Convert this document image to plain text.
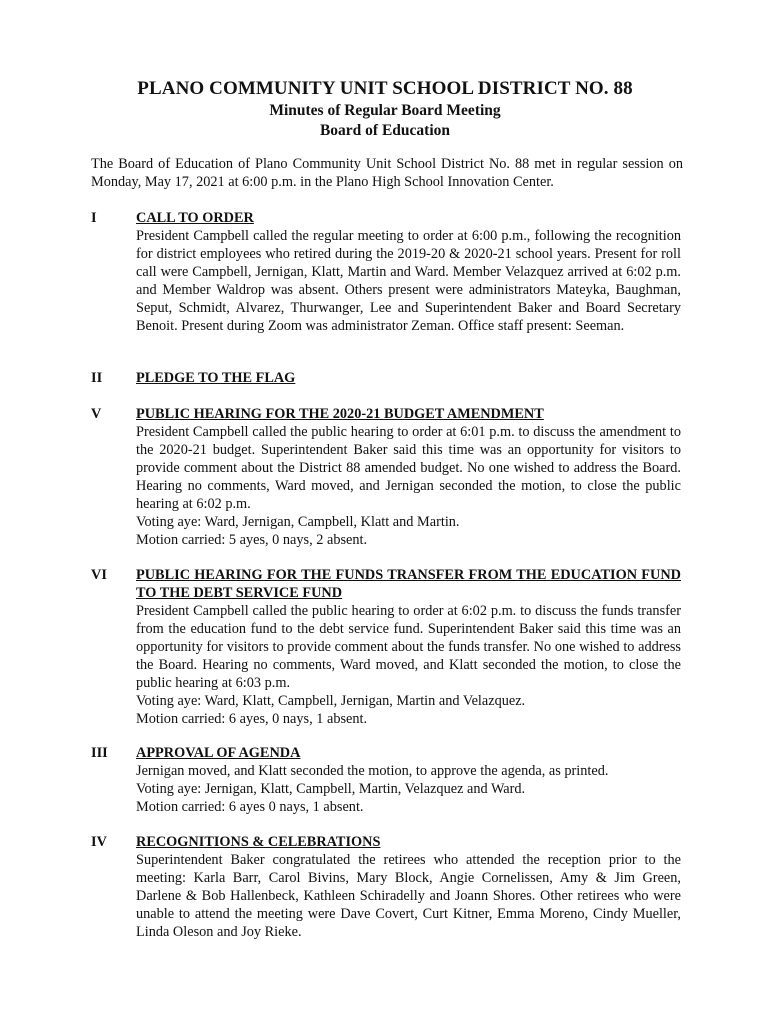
PLANO COMMUNITY UNIT SCHOOL DISTRICT NO. 88
Minutes of Regular Board Meeting
Board of Education
The Board of Education of Plano Community Unit School District No. 88 met in regular session on Monday, May 17, 2021 at 6:00 p.m. in the Plano High School Innovation Center.
I	CALL TO ORDER
President Campbell called the regular meeting to order at 6:00 p.m., following the recognition for district employees who retired during the 2019-20 & 2020-21 school years. Present for roll call were Campbell, Jernigan, Klatt, Martin and Ward. Member Velazquez arrived at 6:02 p.m. and Member Waldrop was absent. Others present were administrators Mateyka, Baughman, Seput, Schmidt, Alvarez, Thurwanger, Lee and Superintendent Baker and Board Secretary Benoit. Present during Zoom was administrator Zeman. Office staff present: Seeman.
II PLEDGE TO THE FLAG
V PUBLIC HEARING FOR THE 2020-21 BUDGET AMENDMENT
President Campbell called the public hearing to order at 6:01 p.m. to discuss the amendment to the 2020-21 budget. Superintendent Baker said this time was an opportunity for visitors to provide comment about the District 88 amended budget. No one wished to address the Board. Hearing no comments, Ward moved, and Jernigan seconded the motion, to close the public hearing at 6:02 p.m.
Voting aye: Ward, Jernigan, Campbell, Klatt and Martin.
Motion carried: 5 ayes, 0 nays, 2 absent.
VI PUBLIC HEARING FOR THE FUNDS TRANSFER FROM THE EDUCATION FUND TO THE DEBT SERVICE FUND
President Campbell called the public hearing to order at 6:02 p.m. to discuss the funds transfer from the education fund to the debt service fund. Superintendent Baker said this time was an opportunity for visitors to provide comment about the funds transfer. No one wished to address the Board. Hearing no comments, Ward moved, and Klatt seconded the motion, to close the public hearing at 6:03 p.m.
Voting aye: Ward, Klatt, Campbell, Jernigan, Martin and Velazquez.
Motion carried: 6 ayes, 0 nays, 1 absent.
III APPROVAL OF AGENDA
Jernigan moved, and Klatt seconded the motion, to approve the agenda, as printed.
Voting aye: Jernigan, Klatt, Campbell, Martin, Velazquez and Ward.
Motion carried: 6 ayes 0 nays, 1 absent.
IV RECOGNITIONS & CELEBRATIONS
Superintendent Baker congratulated the retirees who attended the reception prior to the meeting: Karla Barr, Carol Bivins, Mary Block, Angie Cornelissen, Amy & Jim Green, Darlene & Bob Hallenbeck, Kathleen Schiradelly and Joann Shores. Other retirees who were unable to attend the meeting were Dave Covert, Curt Kitner, Emma Moreno, Cindy Mueller, Linda Oleson and Joy Rieke.
